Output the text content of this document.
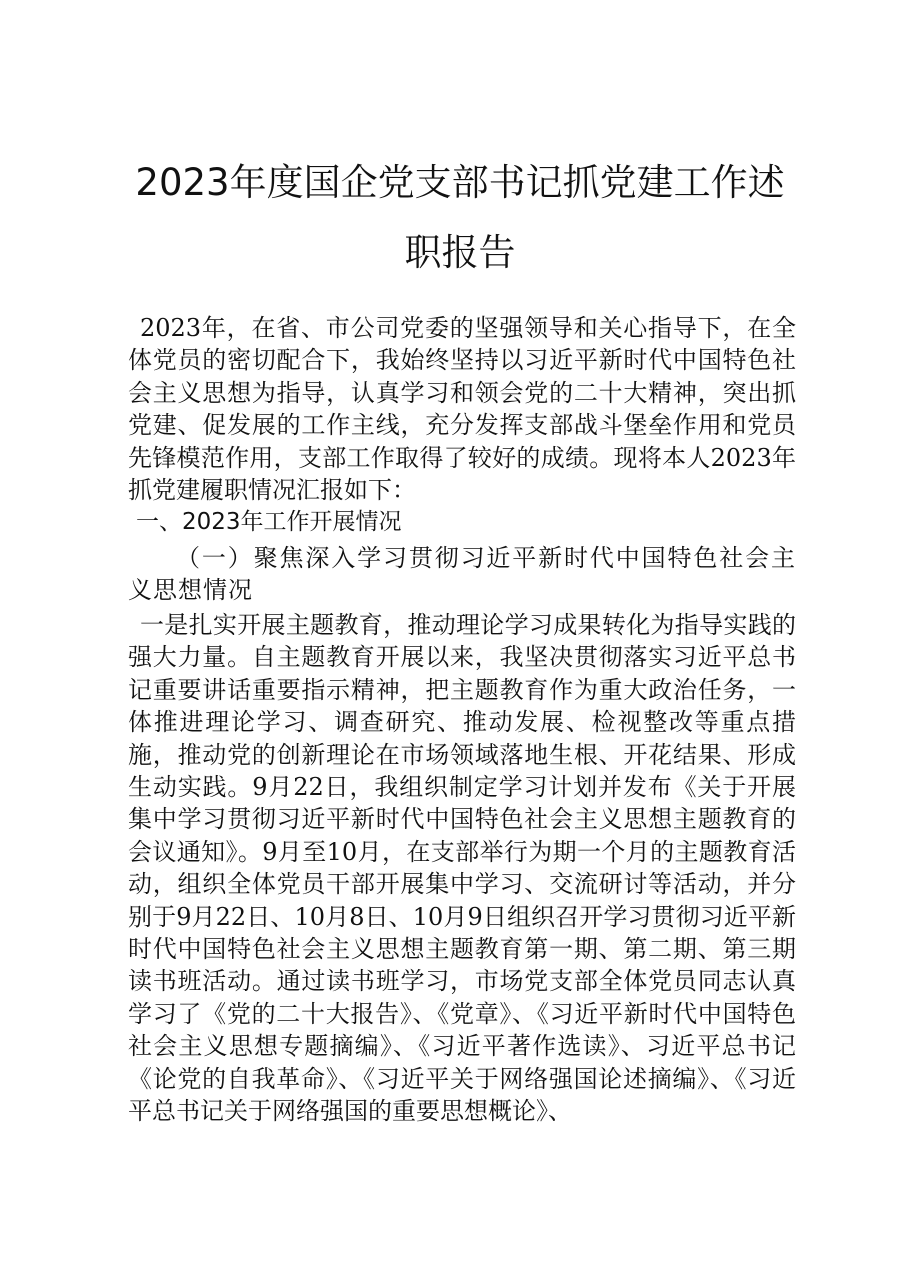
2023年度国企党支部书记抓党建工作述职报告

2023年，在省、市公司党委的坚强领导和关心指导下，在全体党员的密切配合下，我始终坚持以习近平新时代中国特色社会主义思想为指导，认真学习和领会党的二十大精神，突出抓党建、促发展的工作主线，充分发挥支部战斗堡垒作用和党员先锋模范作用，支部工作取得了较好的成绩。现将本人2023年抓党建履职情况汇报如下：

一、2023年工作开展情况

（一）聚焦深入学习贯彻习近平新时代中国特色社会主义思想情况

一是扎实开展主题教育，推动理论学习成果转化为指导实践的强大力量。自主题教育开展以来，我坚决贯彻落实习近平总书记重要讲话重要指示精神，把主题教育作为重大政治任务，一体推进理论学习、调查研究、推动发展、检视整改等重点措施，推动党的创新理论在市场领域落地生根、开花结果、形成生动实践。9月22日，我组织制定学习计划并发布《关于开展集中学习贯彻习近平新时代中国特色社会主义思想主题教育的会议通知》。9月至10月，在支部举行为期一个月的主题教育活动，组织全体党员干部开展集中学习、交流研讨等活动，并分别于9月22日、10月8日、10月9日组织召开学习贯彻习近平新时代中国特色社会主义思想主题教育第一期、第二期、第三期读书班活动。通过读书班学习，市场党支部全体党员同志认真学习了《党的二十大报告》、《党章》、《习近平新时代中国特色社会主义思想专题摘编》、《习近平著作选读》、习近平总书记《论党的自我革命》、《习近平关于网络强国论述摘编》、《习近平总书记关于网络强国的重要思想概论》、
